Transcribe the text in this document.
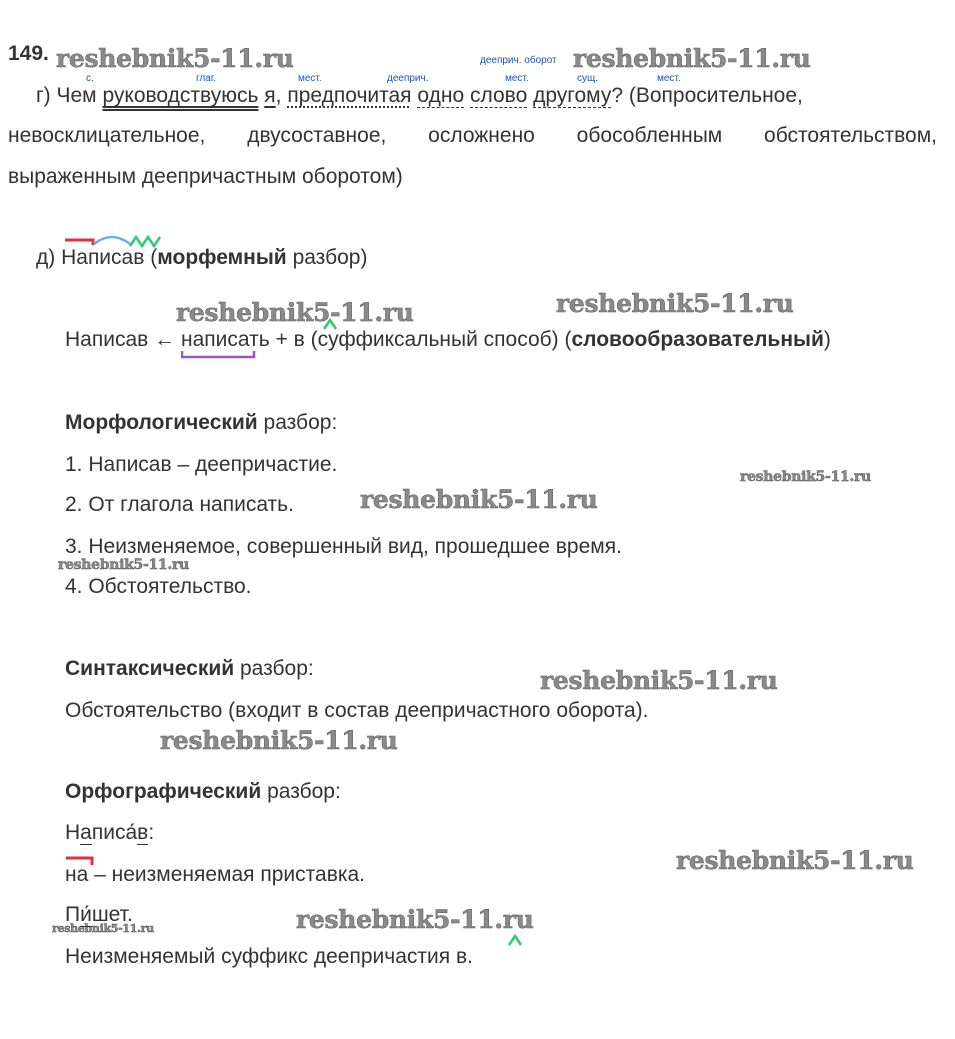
149. reshebnik5-11.ru	reshebnik5-11.ru
reshebnik5-11.ru	reshebnik5-11.ru
reshebnik5-11.ru
reshebnik5-11.ru
reshebnik5-11.ru
reshebnik5-11.ru
reshebnik5-11.ru
reshebnik5-11.ru
reshebnik5-11.ru
reshebnik5-11.ru
с.	глаг.	мест.	дееприч.	мест.	сущ.	мест.
дееприч. оборот
г) Чем руководствуюсь я, предпочитая одно слово другому? (Вопросительное,
невосклицательное, двусоставное, осложнено обособленным обстоятельством,
выраженным деепричастным оборотом)
д) Написав (морфемный разбор)
Написав ← написать + в (суффиксальный способ) (словообразовательный)
Морфологический разбор:
1. Написав – деепричастие.
2. От глагола написать.
3. Неизменяемое, совершенный вид, прошедшее время.
4. Обстоятельство.
Синтаксический разбор:
Обстоятельство (входит в состав деепричастного оборота).
Орфографический разбор:
Написа́в:
на – неизменяемая приставка.
Пи́шет.
Неизменяемый суффикс деепричастия в.
